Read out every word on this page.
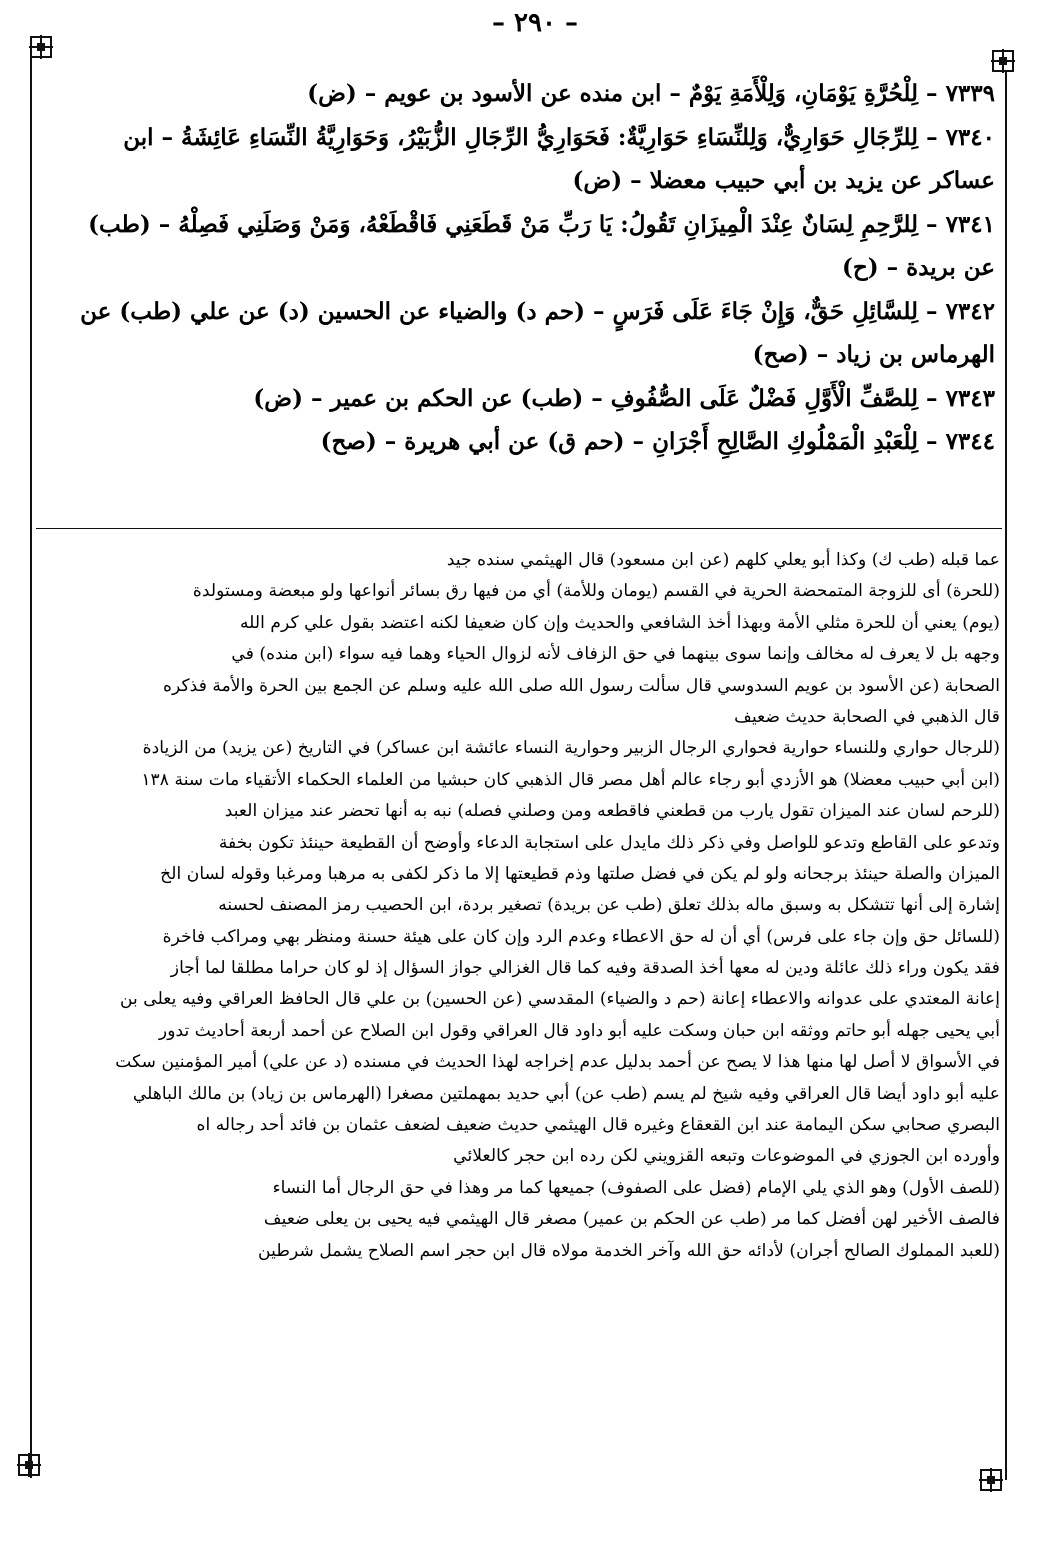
– ٢٩٠ –
٧٣٣٩ – لِلْحُرَّةِ يَوْمَانِ، وَلِلْأَمَةِ يَوْمٌ – ابن منده عن الأسود بن عويم – (ض)
٧٣٤٠ – لِلرِّجَالِ حَوَارِيٌّ، وَلِلنِّسَاءِ حَوَارِيَّةٌ: فَحَوَارِيُّ الرِّجَالِ الزُّبَيْرُ، وَحَوَارِيَّةُ النِّسَاءِ عَائِشَةُ – ابن
عساكر عن يزيد بن أبي حبيب معضلا – (ض)
٧٣٤١ – لِلرَّحِمِ لِسَانٌ عِنْدَ الْمِيزَانِ تَقُولُ: يَا رَبِّ مَنْ قَطَعَنِي فَاقْطَعْهُ، وَمَنْ وَصَلَنِي فَصِلْهُ – (طب)
عن بريدة – (ح)
٧٣٤٢ – لِلسَّائِلِ حَقٌّ، وَإِنْ جَاءَ عَلَى فَرَسٍ – (حم د) والضياء عن الحسين (د) عن علي (طب) عن
الهرماس بن زياد – (صح)
٧٣٤٣ – لِلصَّفِّ الْأَوَّلِ فَضْلٌ عَلَى الصُّفُوفِ – (طب) عن الحكم بن عمير – (ض)
٧٣٤٤ – لِلْعَبْدِ الْمَمْلُوكِ الصَّالِحِ أَجْرَانِ – (حم ق) عن أبي هريرة – (صح)
عما قبله (طب ك) وكذا أبو يعلي كلهم (عن ابن مسعود) قال الهيثمي سنده جيد
(للحرة) أى للزوجة المتمحضة الحرية في القسم (يومان وللأمة) أي من فيها رق بسائر أنواعها ولو مبعضة ومستولدة
(يوم) يعني أن للحرة مثلي الأمة وبهذا أخذ الشافعي والحديث وإن كان ضعيفا لكنه اعتضد بقول علي كرم الله
وجهه بل لا يعرف له مخالف وإنما سوى بينهما في حق الزفاف لأنه لزوال الحياء وهما فيه سواء (ابن منده) في
الصحابة (عن الأسود بن عويم السدوسي قال سألت رسول الله صلى الله عليه وسلم عن الجمع بين الحرة والأمة فذكره
قال الذهبي في الصحابة حديث ضعيف
(للرجال حواري وللنساء حوارية فحواري الرجال الزبير وحوارية النساء عائشة ابن عساكر) في التاريخ (عن يزيد) من الزيادة
(ابن أبي حبيب معضلا) هو الأزدي أبو رجاء عالم أهل مصر قال الذهبي كان حبشيا من العلماء الحكماء الأتقياء مات سنة ١٣٨
(للرحم لسان عند الميزان تقول يارب من قطعني فاقطعه ومن وصلني فصله) نبه به أنها تحضر عند ميزان العبد
وتدعو على القاطع وتدعو للواصل وفي ذكر ذلك مايدل على استجابة الدعاء وأوضح أن القطيعة حينئذ تكون بخفة
الميزان والصلة حينئذ برجحانه ولو لم يكن في فضل صلتها وذم قطيعتها إلا ما ذكر لكفى به مرهبا ومرغبا وقوله لسان الخ
إشارة إلى أنها تتشكل به وسبق ماله بذلك تعلق (طب عن بريدة) تصغير بردة، ابن الحصيب رمز المصنف لحسنه
(للسائل حق وإن جاء على فرس) أي أن له حق الاعطاء وعدم الرد وإن كان على هيئة حسنة ومنظر بهي ومراكب فاخرة
فقد يكون وراء ذلك عائلة ودين له معها أخذ الصدقة وفيه كما قال الغزالي جواز السؤال إذ لو كان حراما مطلقا لما أجاز
إعانة المعتدي على عدوانه والاعطاء إعانة (حم د والضياء) المقدسي (عن الحسين) بن علي قال الحافظ العراقي وفيه يعلى بن
أبي يحيى جهله أبو حاتم ووثقه ابن حبان وسكت عليه أبو داود قال العراقي وقول ابن الصلاح عن أحمد أربعة أحاديث تدور
في الأسواق لا أصل لها منها هذا لا يصح عن أحمد بدليل عدم إخراجه لهذا الحديث في مسنده (د عن علي) أمير المؤمنين سكت
عليه أبو داود أيضا قال العراقي وفيه شيخ لم يسم (طب عن) أبي حديد بمهملتين مصغرا (الهرماس بن زياد) بن مالك الباهلي
البصري صحابي سكن اليمامة عند ابن القعقاع وغيره قال الهيثمي حديث ضعيف لضعف عثمان بن فائد أحد رجاله اه
وأورده ابن الجوزي في الموضوعات وتبعه القزويني لكن رده ابن حجر كالعلائي
(للصف الأول) وهو الذي يلي الإمام (فضل على الصفوف) جميعها كما مر وهذا في حق الرجال أما النساء
فالصف الأخير لهن أفضل كما مر (طب عن الحكم بن عمير) مصغر قال الهيثمي فيه يحيى بن يعلى ضعيف
(للعبد المملوك الصالح أجران) لأدائه حق الله وآخر الخدمة مولاه قال ابن حجر اسم الصلاح يشمل شرطين
